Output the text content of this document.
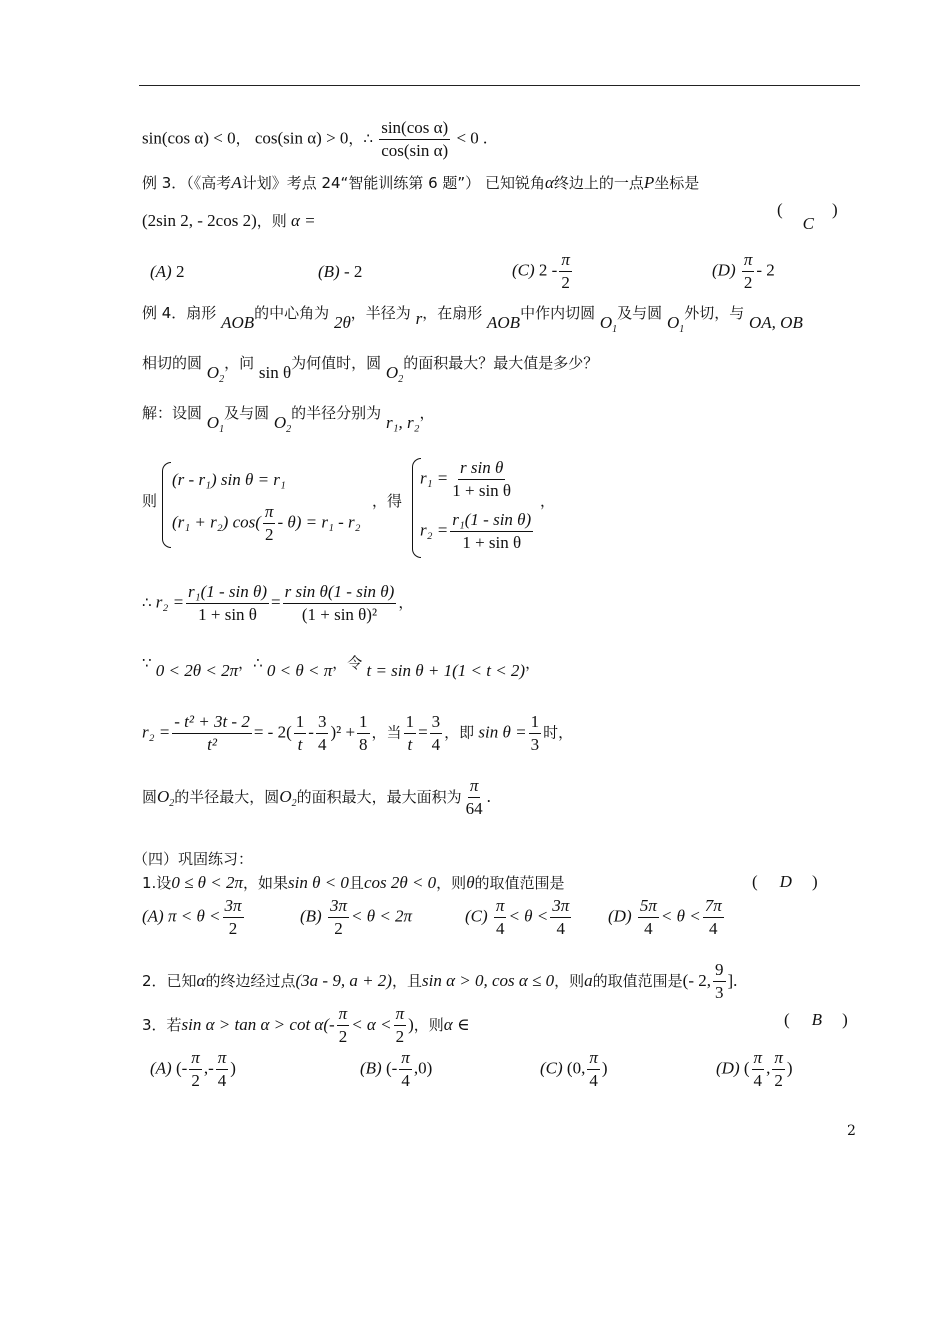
sin(cos α) < 0， cos(sin α) > 0，∴ $\frac{\text{sin(cos α)}}{\text{cos(sin α)}} < 0$ .
例 3．（《高考A计划》考点 24“智能训练第 6 题”） 已知锐角α终边上的一点P坐标是
(2sin 2, - 2cos 2)，则 α =
(C)
(A) 2	(B) - 2	(C) $2 - \frac{\pi}{2}$	$(D) \frac{\pi}{2} - 2$
例 4．扇形 AOB的中心角为 2θ，半径为 r，在扇形 AOB中作内切圆 $O_1$及与圆 $O_1$外切，与 OA, OB
相切的圆 $O_2$，问 sin θ为何值时，圆 $O_2$的面积最大？最大值是多少？
解：设圆 $O_1$及与圆 $O_2$的半径分别为 r₁, r₂，
则
(r - r₁) sin θ = r₁
(r₁ + r₂) $\cos( \frac{\pi}{2} - \theta) = r_1 - r_2$
，得
$r_1 = \frac{\text{r sin θ}}{\text{1 + sin θ}}$
$r_2 = \frac{\text{r₁(1 - sin θ)}}{\text{1 + sin θ}}$
，
∴ $r_2 = \frac{\text{r₁(1 - sin θ)}}{\text{1 + sin θ}} = \frac{\text{r sin θ(1 - sin θ)}}{\text{(1 + sin θ)²}}$ ，
∵ 0 < 2θ < 2π，∴ 0 < θ < π，令 t = sin θ + 1(1 < t < 2)，
$r_2 = \frac{\text{- t² + 3t - 2}}{\text{t²}}$ = - $2( \frac{1}{t} - \frac{3}{4} )^2 + \frac{1}{8}$ ，当 $\frac{1}{t} = \frac{3}{4}$ ，即 $\sin \theta = \frac{1}{3}$ 时，
圆$O_2$的半径最大，圆$O_2$的面积最大，最大面积为 $\frac{\pi}{64}$ .
（四）巩固练习：
1.设0 ≤ θ < 2π，如果sin θ < 0且cos 2θ < 0，则θ的取值范围是	( D )
(A) $\pi < \theta < \frac{3\pi}{2}$	$(B) \frac{3\pi}{2} < \theta < 2\pi$	$(C) \frac{\pi}{4} < \theta < \frac{3\pi}{4} (D) \frac{5\pi}{4} < \theta < \frac{7\pi}{4}$
2．已知α的终边经过点(3a - 9, a + 2)，且sin α > 0, cos α ≤ 0，则a的取值范围是(- 2, $\frac{9}{3}$ ].
3．若$\sin \alpha > \tan \alpha > \cot \alpha(- \frac{\pi}{2} < \alpha < \frac{\pi}{2}$ )，则α ∈	( B )
(A) (- $\frac{\pi}{2}$ ,- $\frac{\pi}{4}$ )	(B) (- $\frac{\pi}{4} ,0$)	(C) (0, $\frac{\pi}{4}$ )	(D) ( $\frac{\pi}{4}$ , $\frac{\pi}{2}$ )
2
